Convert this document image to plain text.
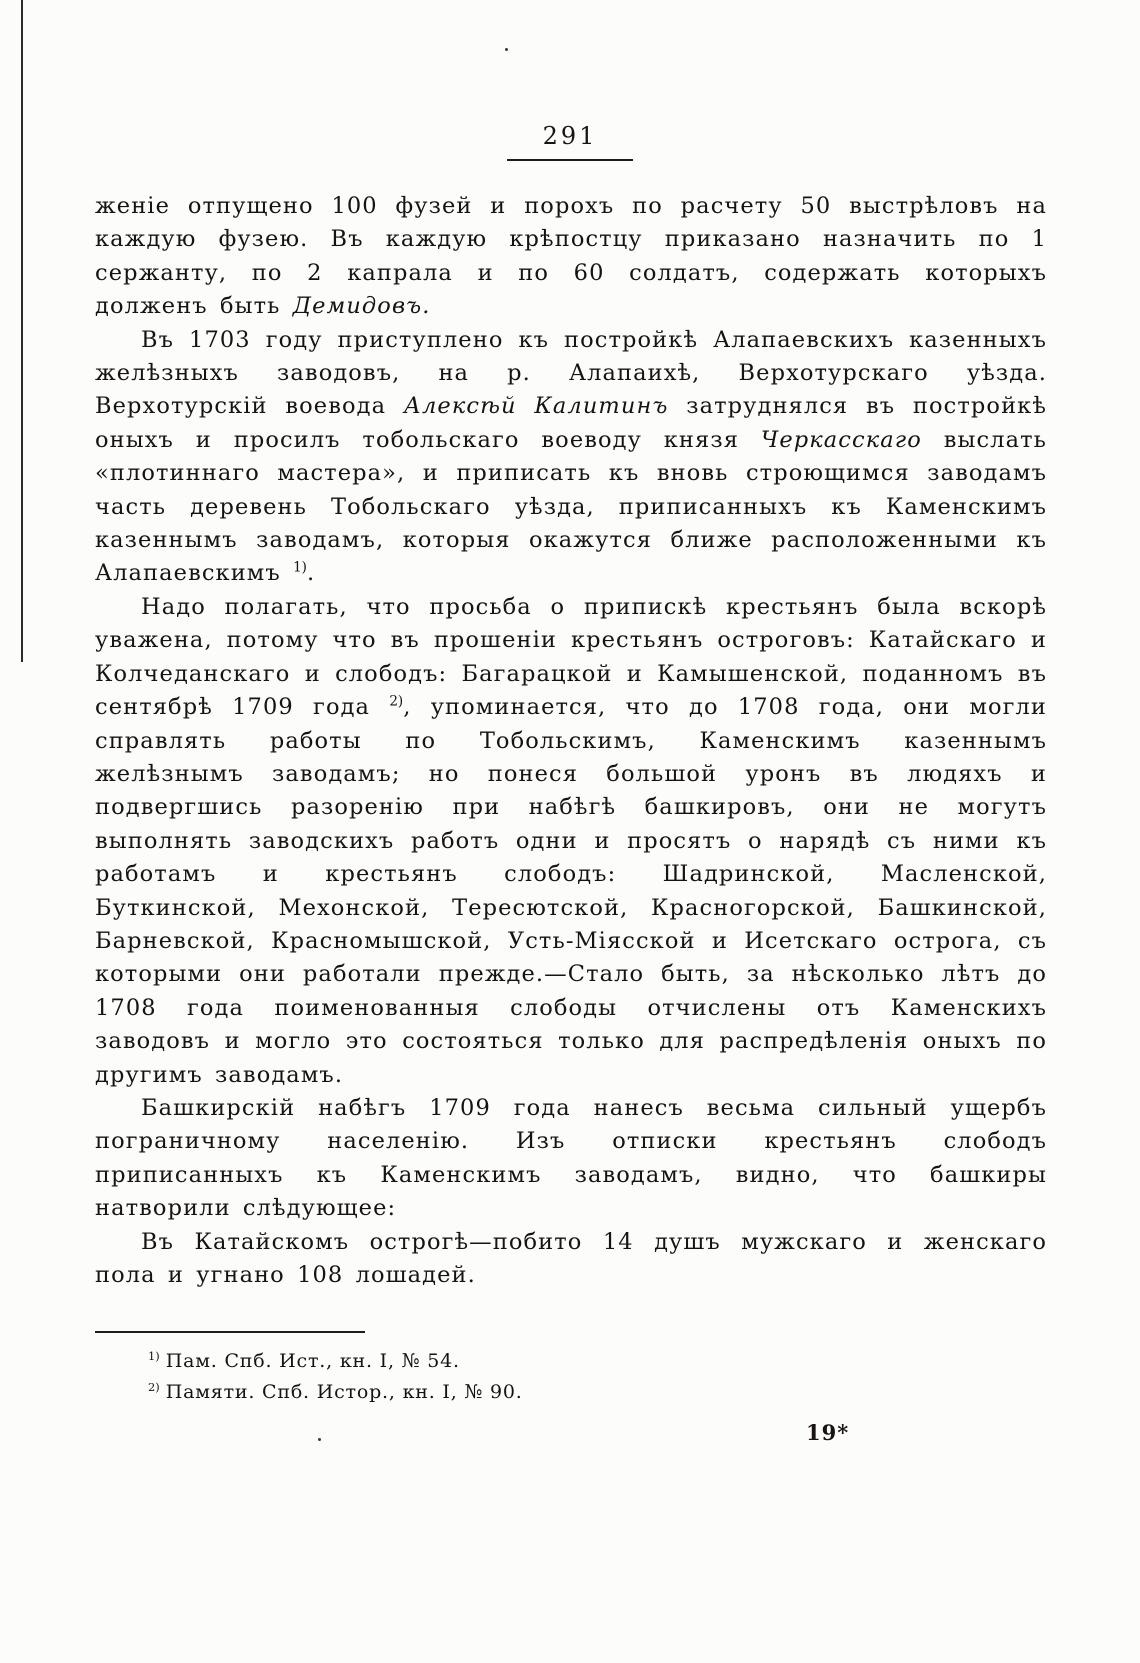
291

женіе отпущено 100 фузей и порохъ по расчету 50 выстрѣловъ на каждую фузею. Въ каждую крѣпостцу приказано назначить по 1 сержанту, по 2 капрала и по 60 солдатъ, содержать которыхъ долженъ быть Демидовъ.

Въ 1703 году приступлено къ постройкѣ Алапаевскихъ казенныхъ желѣзныхъ заводовъ, на р. Алапаихѣ, Верхотурскаго уѣзда. Верхотурскій воевода Алексѣй Калитинъ затруднялся въ постройкѣ оныхъ и просилъ тобольскаго воеводу князя Черкасскаго выслать «плотиннаго мастера», и приписать къ вновь строющимся заводамъ часть деревень Тобольскаго уѣзда, приписанныхъ къ Каменскимъ казеннымъ заводамъ, которыя окажутся ближе расположенными къ Алапаевскимъ $^{1)}$.

Надо полагать, что просьба о припискѣ крестьянъ была вскорѣ уважена, потому что въ прошеніи крестьянъ остроговъ: Катайскаго и Колчеданскаго и слободъ: Багарацкой и Камышенской, поданномъ въ сентябрѣ 1709 года $^{2)}$, упоминается, что до 1708 года, они могли справлять работы по Тобольскимъ, Каменскимъ казеннымъ желѣзнымъ заводамъ; но понеся большой уронъ въ людяхъ и подвергшись разоренію при набѣгѣ башкировъ, они не могутъ выполнять заводскихъ работъ одни и просятъ о нарядѣ съ ними къ работамъ и крестьянъ слободъ: Шадринской, Масленской, Буткинской, Мехонской, Тересютской, Красногорской, Башкинской, Барневской, Красномышской, Усть-Міясской и Исетскаго острога, съ которыми они работали прежде.—Стало быть, за нѣсколько лѣтъ до 1708 года поименованныя слободы отчислены отъ Каменскихъ заводовъ и могло это состояться только для распредѣленія оныхъ по другимъ заводамъ.

Башкирскій набѣгъ 1709 года нанесъ весьма сильный ущербъ пограничному населенію. Изъ отписки крестьянъ слободъ приписанныхъ къ Каменскимъ заводамъ, видно, что башкиры натворили слѣдующее:

Въ Катайскомъ острогѣ—побито 14 душъ мужскаго и женскаго пола и угнано 108 лошадей.

$^{1)}$ Пам. Спб. Ист., кн. I, № 54.
$^{2)}$ Памяти. Спб. Истор., кн. I, № 90.
19*
